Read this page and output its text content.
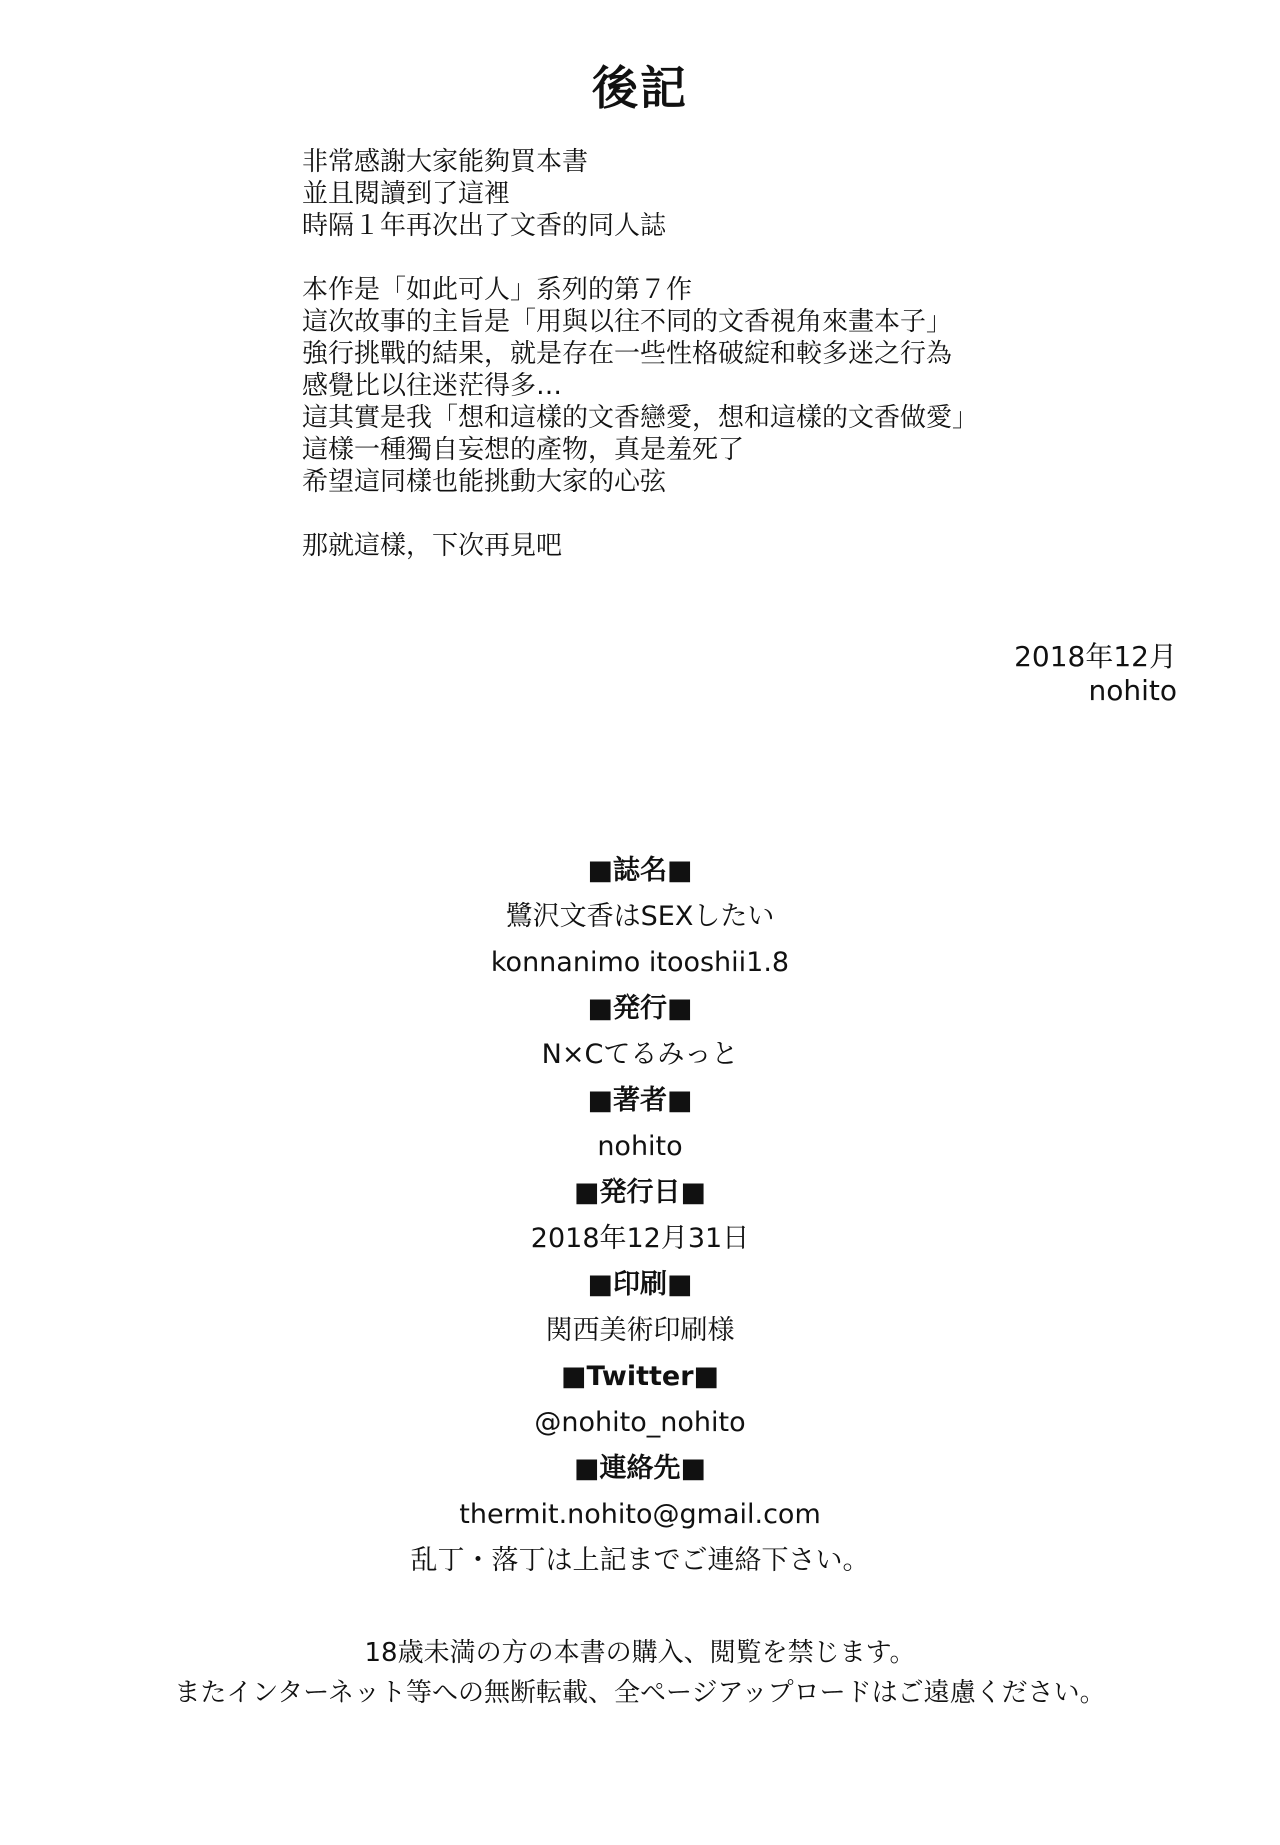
後記
非常感謝大家能夠買本書
並且閱讀到了這裡
時隔１年再次出了文香的同人誌
本作是「如此可人」系列的第７作
這次故事的主旨是「用與以往不同的文香視角來畫本子」
強行挑戰的結果，就是存在一些性格破綻和較多迷之行為
感覺比以往迷茫得多…
這其實是我「想和這樣的文香戀愛，想和這樣的文香做愛」
這樣一種獨自妄想的產物，真是羞死了
希望這同樣也能挑動大家的心弦
那就這樣，下次再見吧
2018年12月
nohito
■誌名■
鷺沢文香はSEXしたい
konnanimo itooshii1.8
■発行■
N×Cてるみっと
■著者■
nohito
■発行日■
2018年12月31日
■印刷■
関西美術印刷様
■Twitter■
@nohito_nohito
■連絡先■
thermit.nohito@gmail.com
乱丁・落丁は上記までご連絡下さい。
18歳未満の方の本書の購入、閲覧を禁じます。
またインターネット等への無断転載、全ページアップロードはご遠慮ください。
